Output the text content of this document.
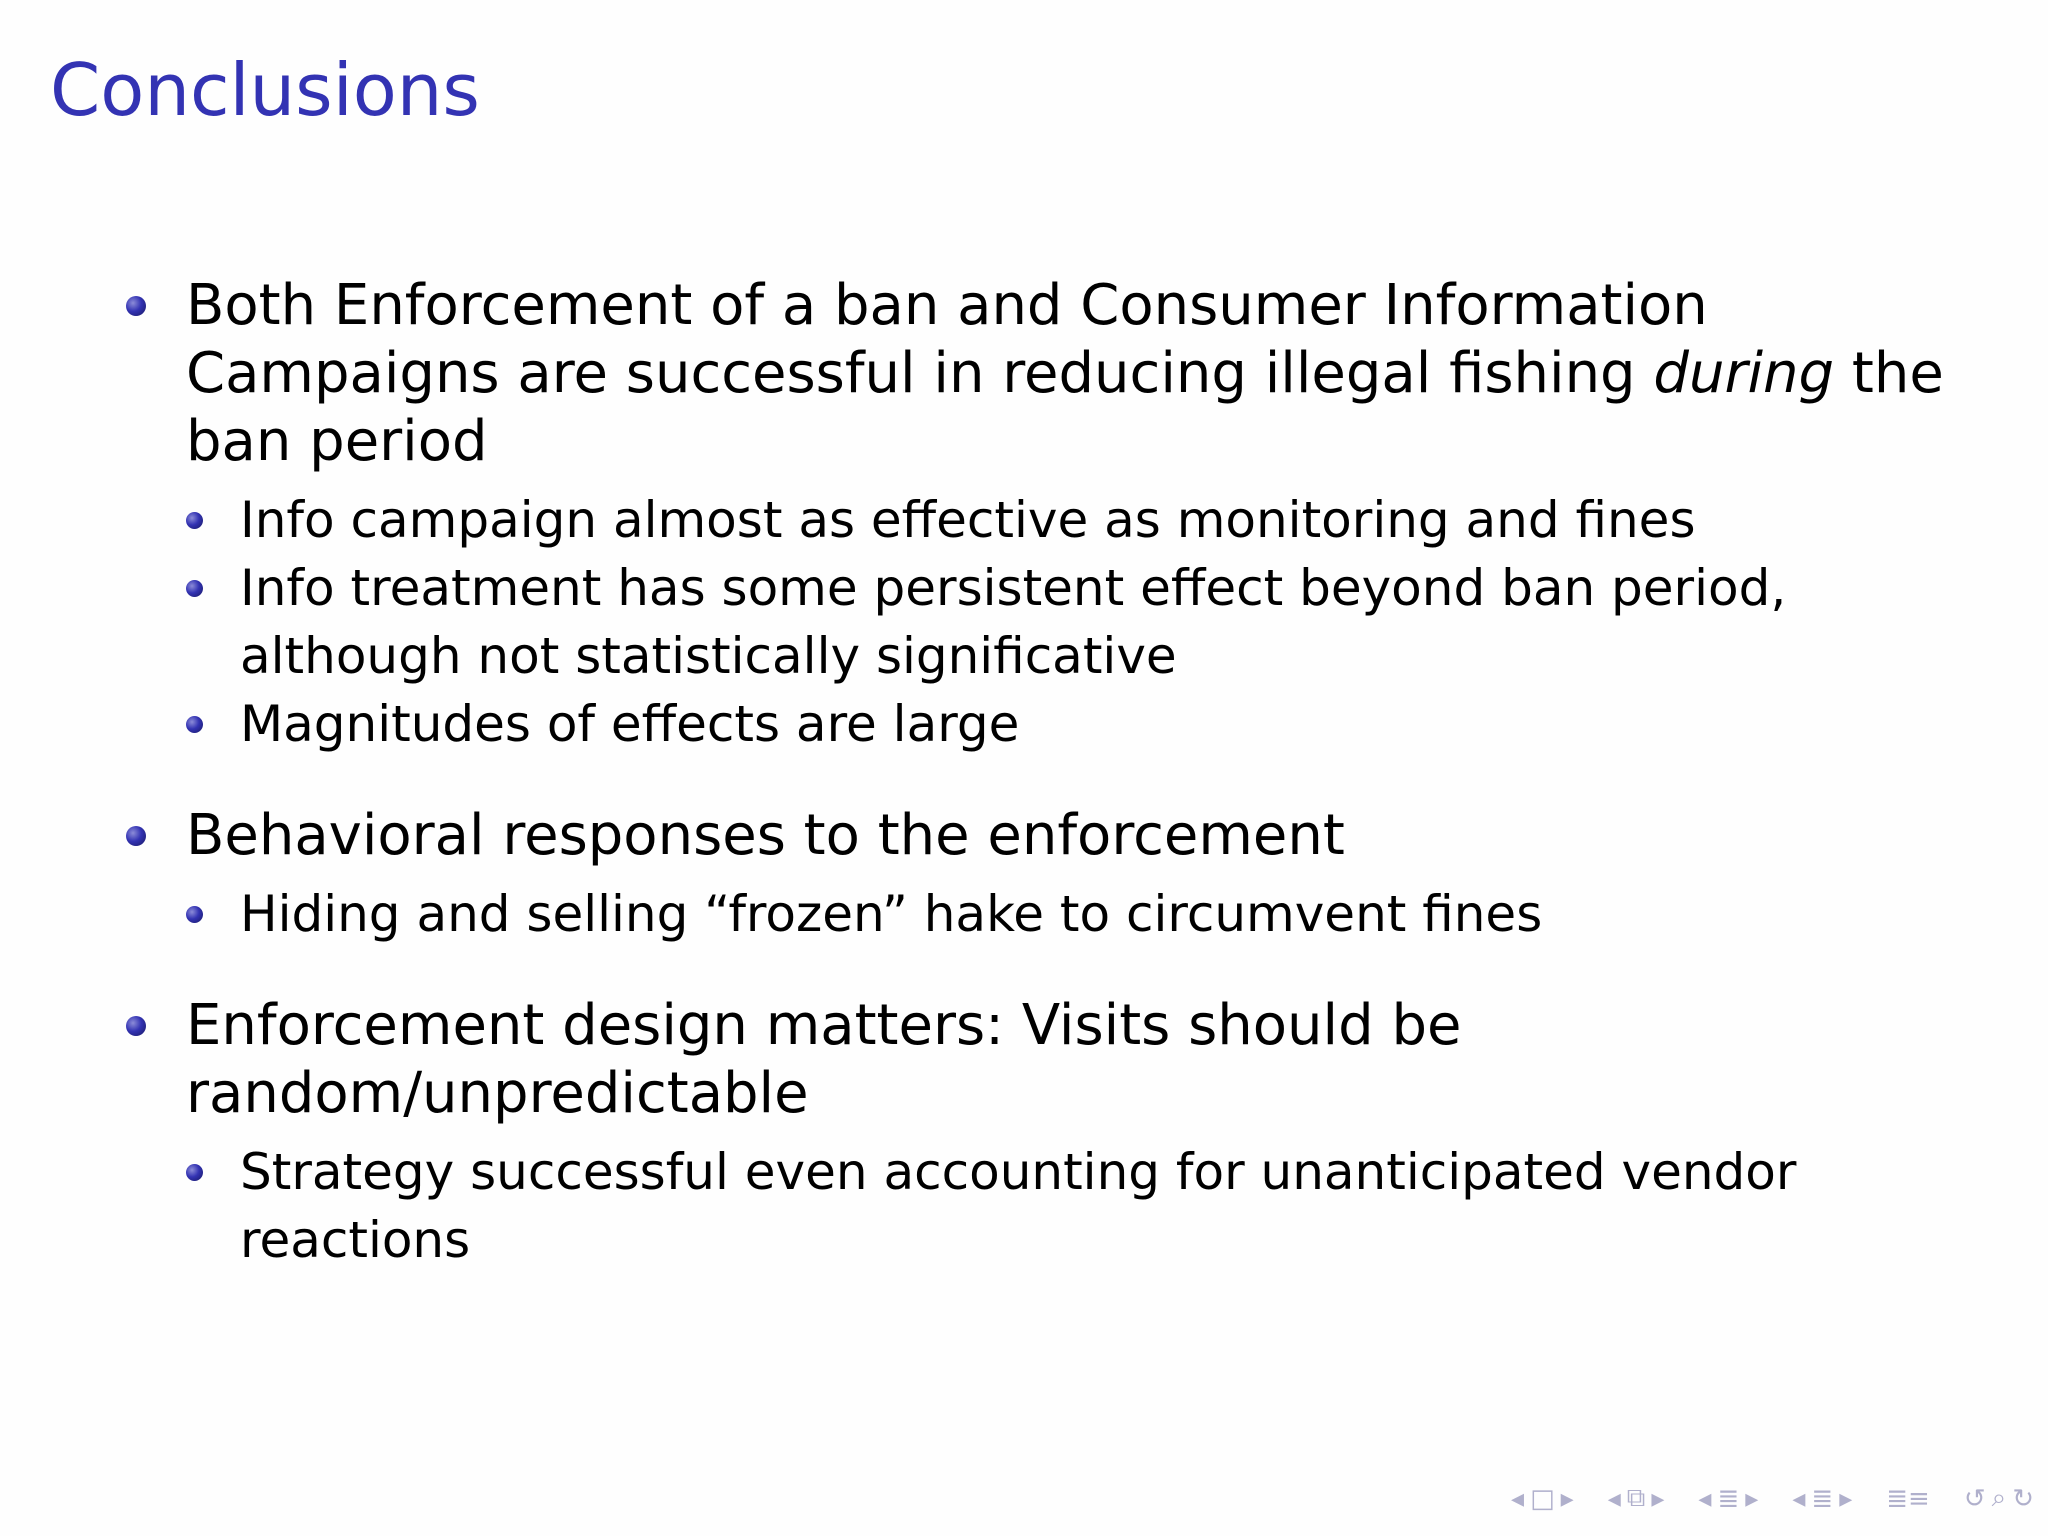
Conclusions
Both Enforcement of a ban and Consumer Information Campaigns are successful in reducing illegal fishing during the ban period
Info campaign almost as effective as monitoring and fines
Info treatment has some persistent effect beyond ban period, although not statistically significative
Magnitudes of effects are large
Behavioral responses to the enforcement
Hiding and selling “frozen” hake to circumvent fines
Enforcement design matters: Visits should be random/unpredictable
Strategy successful even accounting for unanticipated vendor reactions
◂ □ ▸ ◂ ⧉ ▸ ◂ ≣ ▸ ◂ ≣ ▸ ≣≡ ↺ ⌕ ↻
